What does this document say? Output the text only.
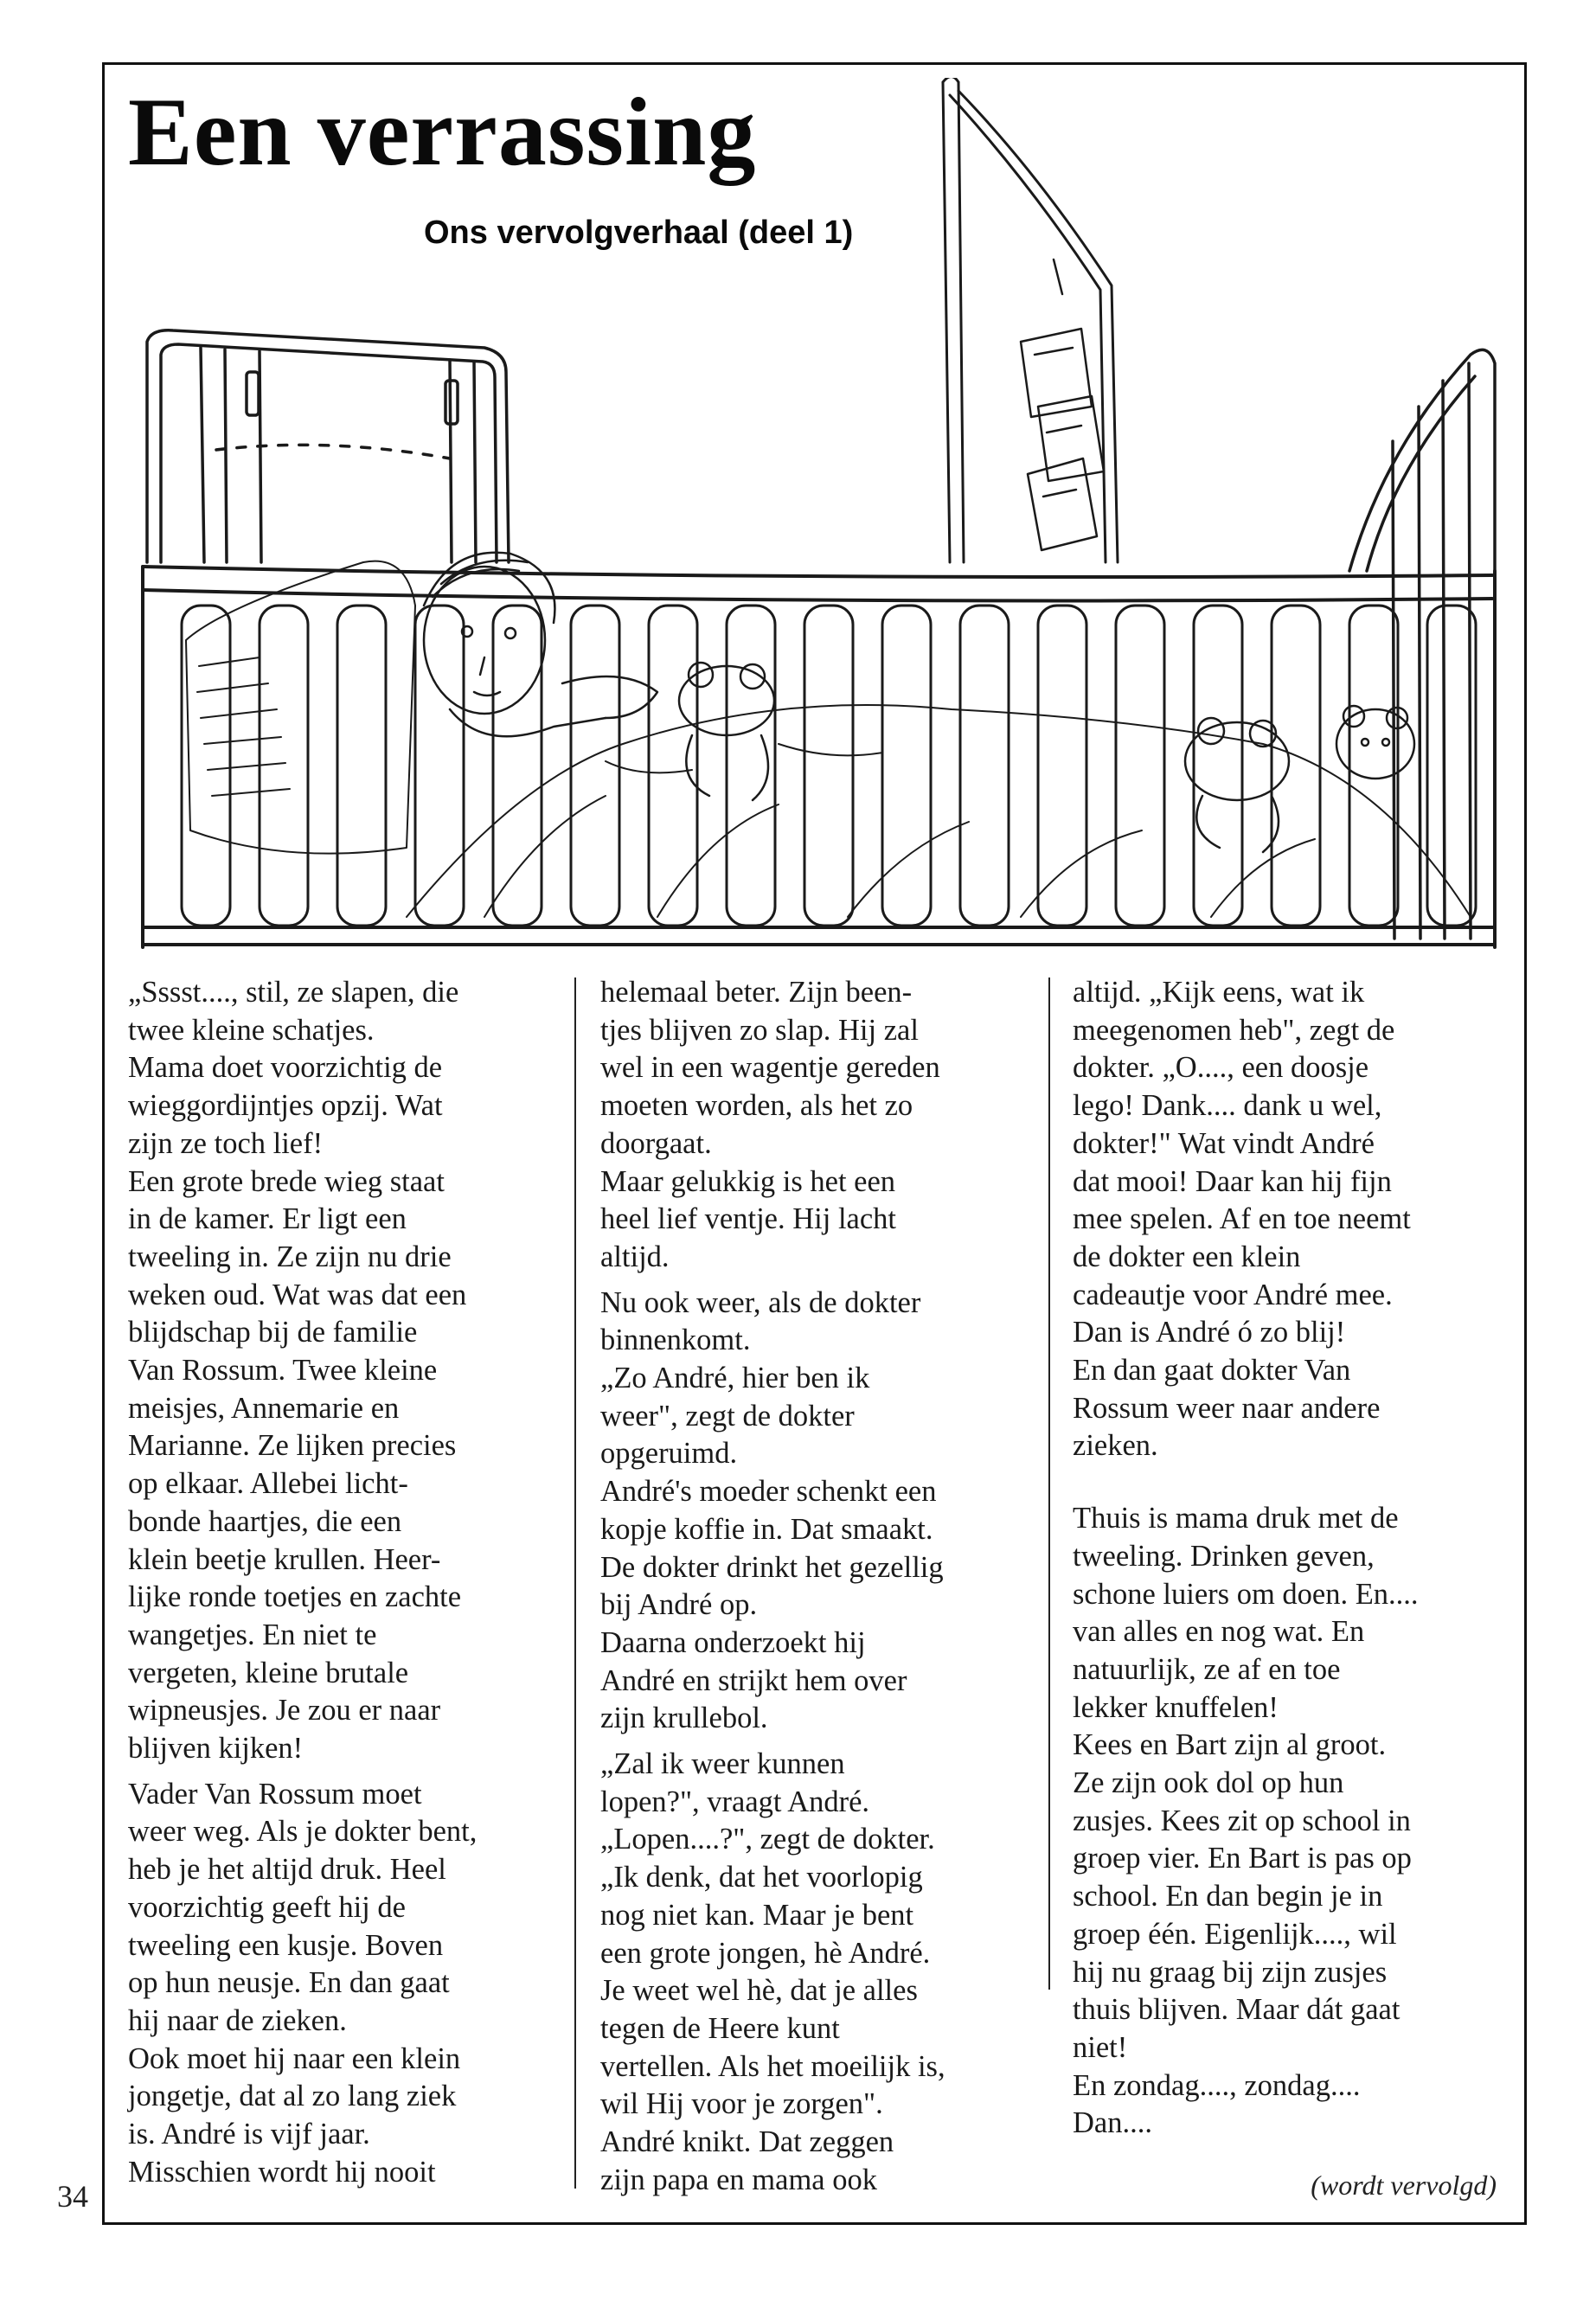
Een verrassing
Ons vervolgverhaal (deel 1)

„Sssst...., stil, ze slapen, die
twee kleine schatjes.
Mama doet voorzichtig de
wieggordijntjes opzij. Wat
zijn ze toch lief!
Een grote brede wieg staat
in de kamer. Er ligt een
tweeling in. Ze zijn nu drie
weken oud. Wat was dat een
blijdschap bij de familie
Van Rossum. Twee kleine
meisjes, Annemarie en
Marianne. Ze lijken precies
op elkaar. Allebei licht-
bonde haartjes, die een
klein beetje krullen. Heer-
lijke ronde toetjes en zachte
wangetjes. En niet te
vergeten, kleine brutale
wipneusjes. Je zou er naar
blijven kijken!

Vader Van Rossum moet
weer weg. Als je dokter bent,
heb je het altijd druk. Heel
voorzichtig geeft hij de
tweeling een kusje. Boven
op hun neusje. En dan gaat
hij naar de zieken.
Ook moet hij naar een klein
jongetje, dat al zo lang ziek
is. André is vijf jaar.
Misschien wordt hij nooit

helemaal beter. Zijn been-
tjes blijven zo slap. Hij zal
wel in een wagentje gereden
moeten worden, als het zo
doorgaat.
Maar gelukkig is het een
heel lief ventje. Hij lacht
altijd.

Nu ook weer, als de dokter
binnenkomt.
„Zo André, hier ben ik
weer", zegt de dokter
opgeruimd.
André's moeder schenkt een
kopje koffie in. Dat smaakt.
De dokter drinkt het gezellig
bij André op.
Daarna onderzoekt hij
André en strijkt hem over
zijn krullebol.

„Zal ik weer kunnen
lopen?", vraagt André.
„Lopen....?", zegt de dokter.
„Ik denk, dat het voorlopig
nog niet kan. Maar je bent
een grote jongen, hè André.
Je weet wel hè, dat je alles
tegen de Heere kunt
vertellen. Als het moeilijk is,
wil Hij voor je zorgen".
André knikt. Dat zeggen
zijn papa en mama ook

altijd. „Kijk eens, wat ik
meegenomen heb", zegt de
dokter. „O...., een doosje
lego! Dank.... dank u wel,
dokter!" Wat vindt André
dat mooi! Daar kan hij fijn
mee spelen. Af en toe neemt
de dokter een klein
cadeautje voor André mee.
Dan is André ó zo blij!
En dan gaat dokter Van
Rossum weer naar andere
zieken.

Thuis is mama druk met de
tweeling. Drinken geven,
schone luiers om doen. En....
van alles en nog wat. En
natuurlijk, ze af en toe
lekker knuffelen!
Kees en Bart zijn al groot.
Ze zijn ook dol op hun
zusjes. Kees zit op school in
groep vier. En Bart is pas op
school. En dan begin je in
groep één. Eigenlijk...., wil
hij nu graag bij zijn zusjes
thuis blijven. Maar dát gaat
niet!
En zondag...., zondag....
Dan....

34	(wordt vervolgd)
